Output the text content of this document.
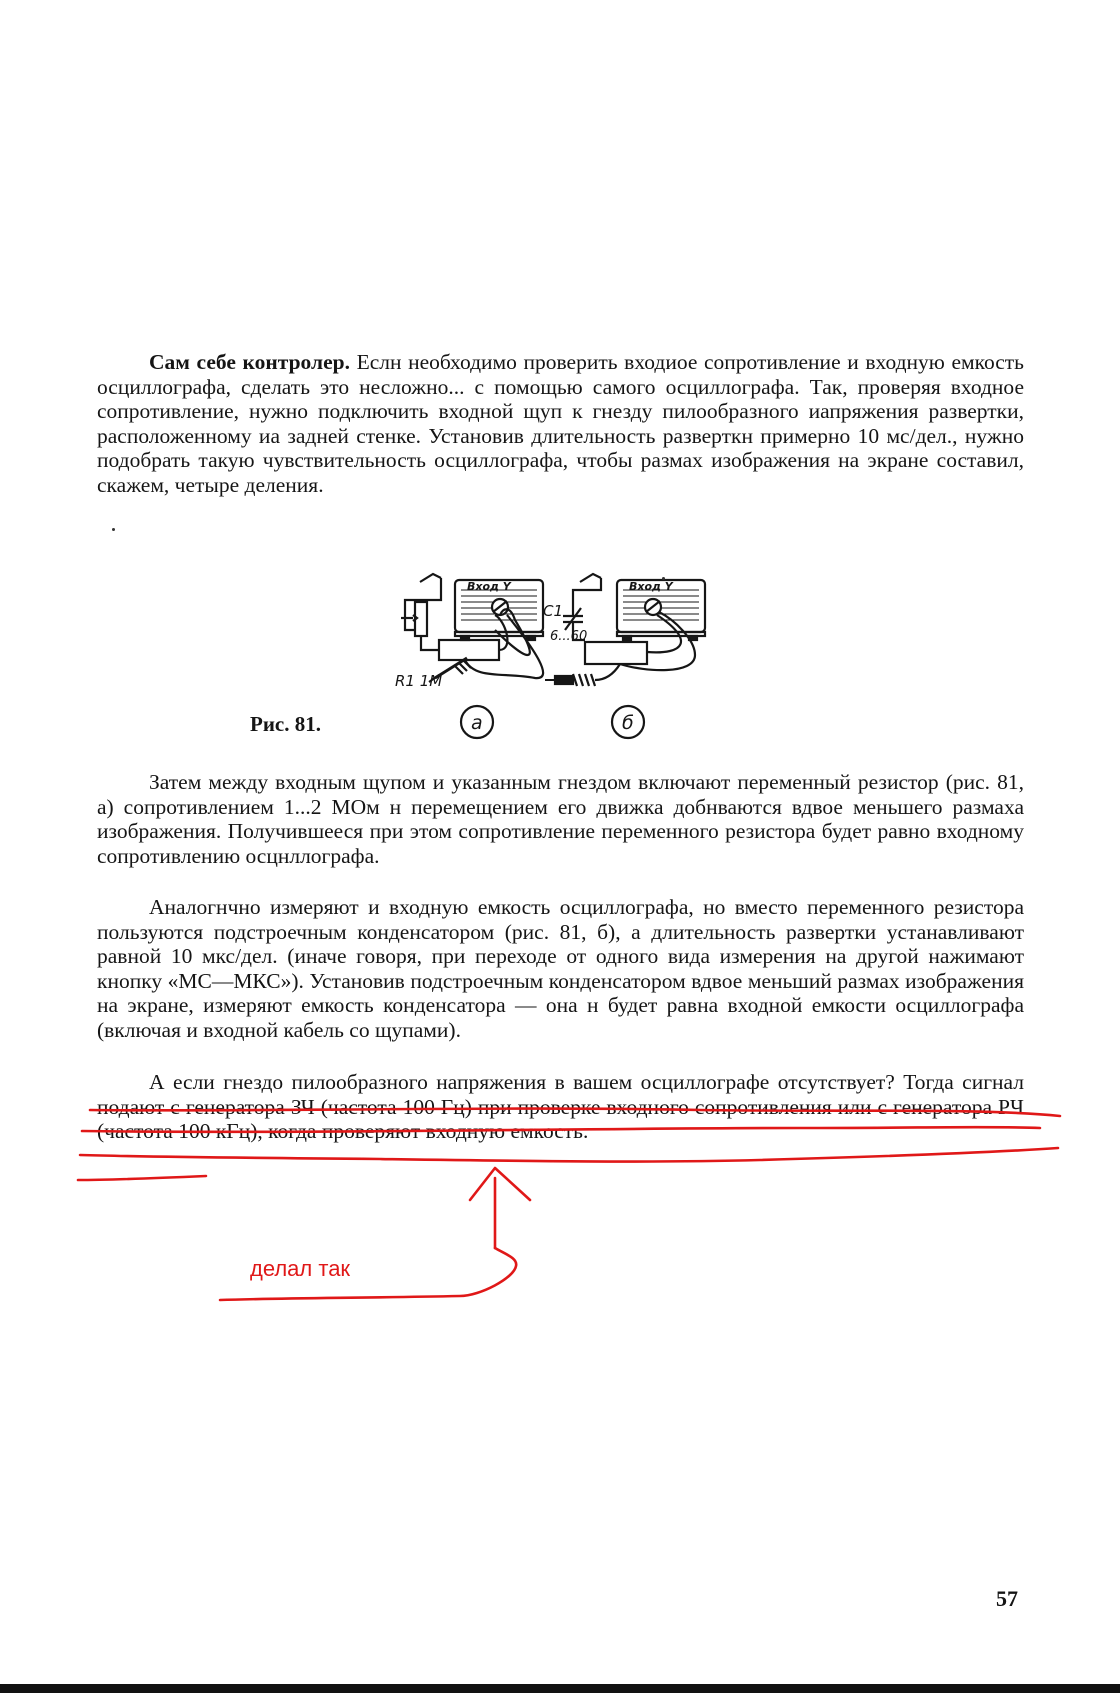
Сам себе контролер. Еслн необходимо проверить входиое сопротивление и входную емкость осциллографа, сделать это несложно... с помощью самого осциллографа. Так, проверяя входное сопротивление, нужно подключить входной щуп к гнезду пилообразного иапряжения развертки, расположенному иа задней стенке. Установив длительность разверткн примерно 10 мс/дел., нужно подобрать такую чувствительность осциллографа, чтобы размах изображения на экране составил, скажем, четыре деления.

Вход Y	Вход Y
R1 1М
С1
6...60
а	б
Рис. 81.

Затем между входным щупом и указанным гнездом включают переменный резистор (рис. 81, а) сопротивлением 1...2 МОм н перемещением его движка добнваются вдвое меньшего размаха изображения. Получившееся при этом сопротивление переменного резистора будет равно входному сопротивлению осцнллографа.

Аналогнчно измеряют и входную емкость осциллографа, но вместо переменного резистора пользуются подстроечным конденсатором (рис. 81, б), а длительность развертки устанавливают равной 10 мкс/дел. (иначе говоря, при переходе от одного вида измерения на другой нажимают кнопку «МС—МКС»). Установив подстроечным конденсатором вдвое меньший размах изображения на экране, измеряют емкость конденсатора — она н будет равна входной емкости осциллографа (включая и входной кабель со щупами).

А если гнездо пилообразного напряжения в вашем осциллографе отсутствует? Тогда сигнал подают с генератора ЗЧ (частота 100 Гц) при проверке входного сопротивления или с генератора РЧ (частота 100 кГц), когда проверяют входную емкость.

57
делал так
